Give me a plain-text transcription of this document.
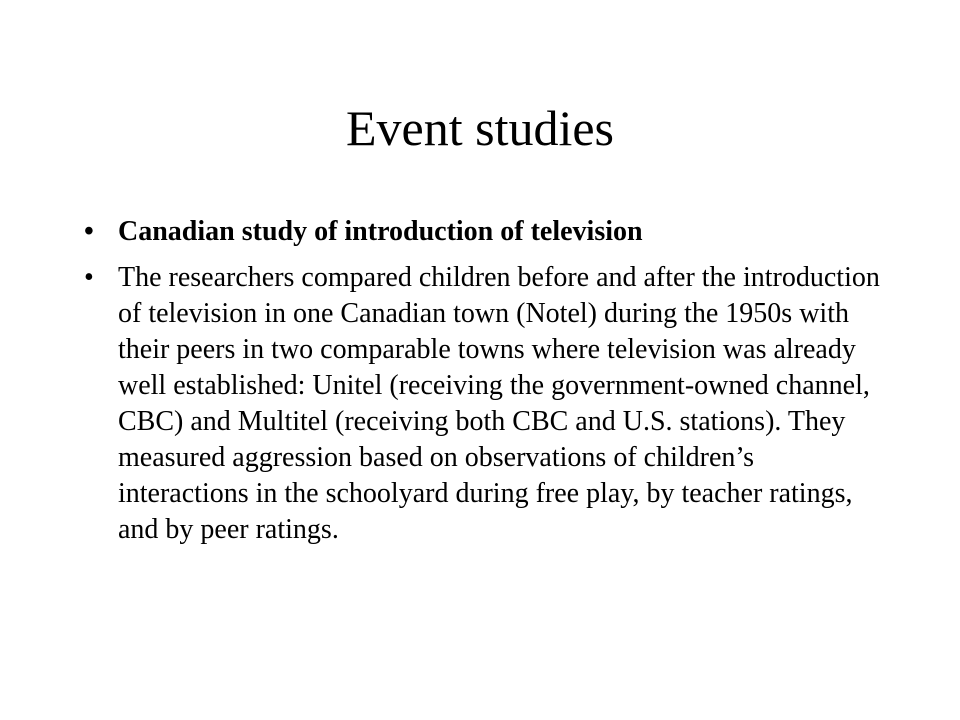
Event studies
• Canadian study of introduction of television
• The researchers compared children before and after the introduction of television in one Canadian town (Notel) during the 1950s with their peers in two comparable towns where television was already well established: Unitel (receiving the government-owned channel, CBC) and Multitel (receiving both CBC and U.S. stations). They measured aggression based on observations of children’s interactions in the schoolyard during free play, by teacher ratings, and by peer ratings.
